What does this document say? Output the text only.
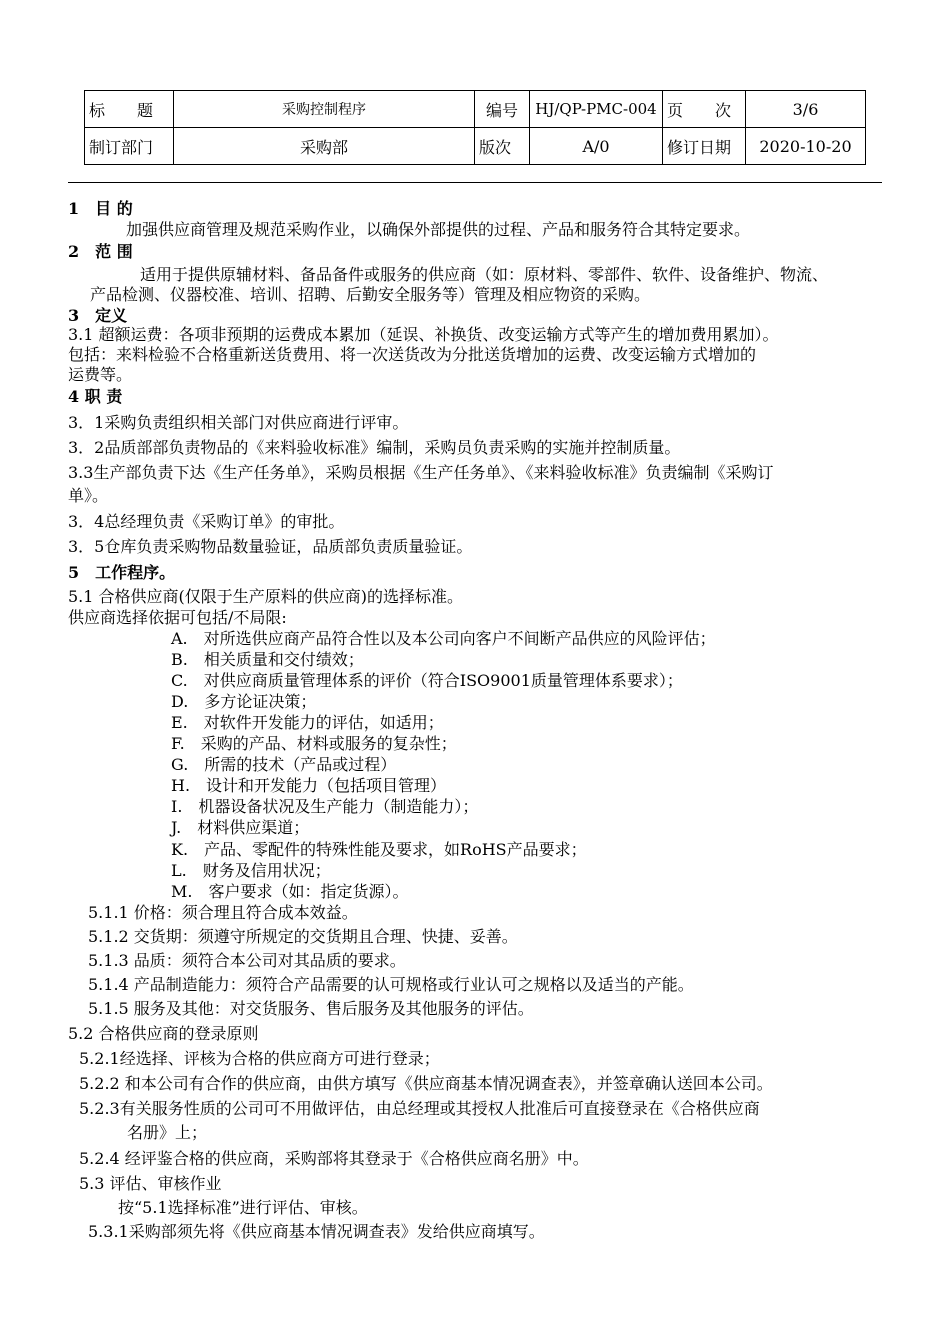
标　　题	采购控制程序	编号	HJ/QP-PMC-004	页　　次	3/6
制订部门	采购部	版次	A/0	修订日期	2020-10-20
1　目 的
加强供应商管理及规范采购作业，以确保外部提供的过程、产品和服务符合其特定要求。
2　范 围
适用于提供原辅材料、备品备件或服务的供应商（如：原材料、零部件、软件、设备维护、物流、
产品检测、仪器校准、培训、招聘、后勤安全服务等）管理及相应物资的采购。
3　定义
3.1 超额运费：各项非预期的运费成本累加（延误、补换货、改变运输方式等产生的增加费用累加）。
包括：来料检验不合格重新送货费用、将一次送货改为分批送货增加的运费、改变运输方式增加的
运费等。
4 职 责
3．1采购负责组织相关部门对供应商进行评审。
3．2品质部部负责物品的《来料验收标准》编制，采购员负责采购的实施并控制质量。
3.3生产部负责下达《生产任务单》，采购员根据《生产任务单》、《来料验收标准》负责编制《采购订
单》。
3．4总经理负责《采购订单》的审批。
3．5仓库负责采购物品数量验证，品质部负责质量验证。
5　工作程序。
5.1 合格供应商(仅限于生产原料的供应商)的选择标准。
供应商选择依据可包括/不局限:
A.　对所选供应商产品符合性以及本公司向客户不间断产品供应的风险评估；
B.　相关质量和交付绩效；
C.　对供应商质量管理体系的评价（符合ISO9001质量管理体系要求）；
D.　多方论证决策；
E.　对软件开发能力的评估，如适用；
F.　采购的产品、材料或服务的复杂性；
G.　所需的技术（产品或过程）
H.　设计和开发能力（包括项目管理）
I.　机器设备状况及生产能力（制造能力）；
J.　材料供应渠道；
K.　产品、零配件的特殊性能及要求，如RoHS产品要求；
L.　财务及信用状况；
M.　客户要求（如：指定货源）。
5.1.1 价格：须合理且符合成本效益。
5.1.2 交货期：须遵守所规定的交货期且合理、快捷、妥善。
5.1.3 品质：须符合本公司对其品质的要求。
5.1.4 产品制造能力：须符合产品需要的认可规格或行业认可之规格以及适当的产能。
5.1.5 服务及其他：对交货服务、售后服务及其他服务的评估。
5.2 合格供应商的登录原则
5.2.1经选择、评核为合格的供应商方可进行登录；
5.2.2 和本公司有合作的供应商，由供方填写《供应商基本情况调查表》，并签章确认送回本公司。
5.2.3有关服务性质的公司可不用做评估，由总经理或其授权人批准后可直接登录在《合格供应商
名册》上；
5.2.4 经评鉴合格的供应商，采购部将其登录于《合格供应商名册》中。
5.3 评估、审核作业
按“5.1选择标准”进行评估、审核。
5.3.1采购部须先将《供应商基本情况调查表》发给供应商填写。
